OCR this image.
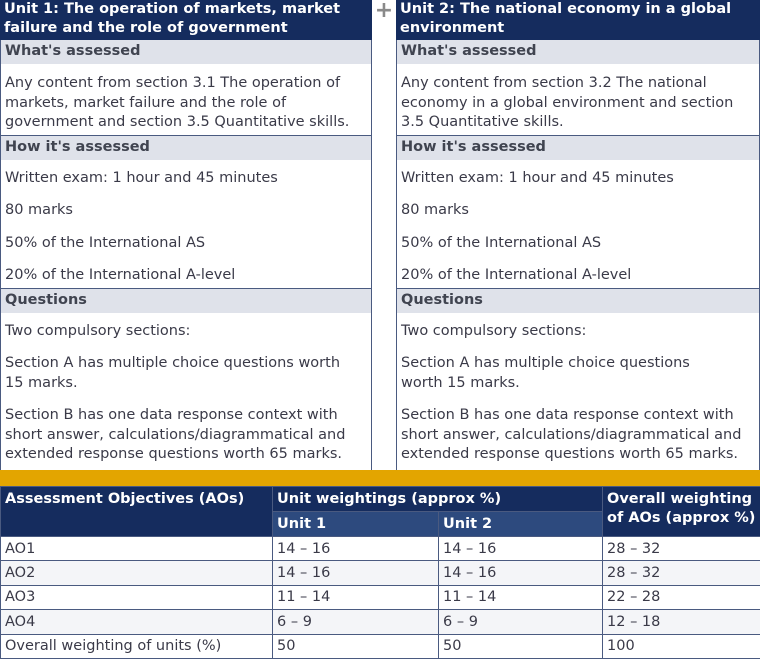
Unit 1: The operation of markets, market failure and the role of government
What's assessed
Any content from section 3.1 The operation of markets, market failure and the role of government and section 3.5 Quantitative skills.
How it's assessed
Written exam: 1 hour and 45 minutes
80 marks
50% of the International AS
20% of the International A-level
Questions
Two compulsory sections:
Section A has multiple choice questions worth 15 marks.
Section B has one data response context with short answer, calculations/diagrammatical and extended response questions worth 65 marks.
+ Unit 2: The national economy in a global environment
What's assessed
Any content from section 3.2 The national economy in a global environment and section 3.5 Quantitative skills.
How it's assessed
Written exam: 1 hour and 45 minutes
80 marks
50% of the International AS
20% of the International A-level
Questions
Two compulsory sections:
Section A has multiple choice questions worth 15 marks.
Section B has one data response context with short answer, calculations/diagrammatical and extended response questions worth 65 marks.
Assessment Objectives (AOs)	Unit weightings (approx %)		Overall weighting of AOs (approx %)
	Unit 1	Unit 2	
AO1	14 – 16	14 – 16	28 – 32
AO2	14 – 16	14 – 16	28 – 32
AO3	11 – 14	11 – 14	22 – 28
AO4	6 – 9	6 – 9	12 – 18
Overall weighting of units (%)	50	50	100
